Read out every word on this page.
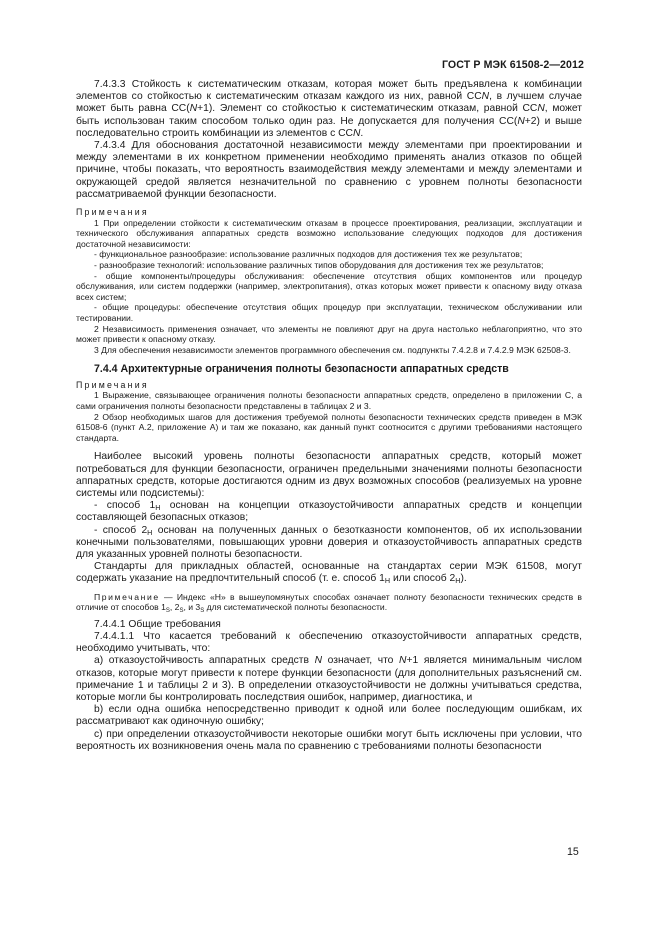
ГОСТ Р МЭК 61508-2—2012

7.4.3.3 Стойкость к систематическим отказам, которая может быть предъявлена к комбинации элементов со стойкостью к систематическим отказам каждого из них, равной ССN, в лучшем случае может быть равна СС(N+1). Элемент со стойкостью к систематическим отказам, равной ССN, может быть использован таким способом только один раз. Не допускается для получения СС(N+2) и выше последовательно строить комбинации из элементов с ССN.

7.4.3.4 Для обоснования достаточной независимости между элементами при проектировании и между элементами в их конкретном применении необходимо применять анализ отказов по общей причине, чтобы показать, что вероятность взаимодействия между элементами и между элементами и окружающей средой является незначительной по сравнению с уровнем полноты безопасности рассматриваемой функции безопасности.

Примечания

1 При определении стойкости к систематическим отказам в процессе проектирования, реализации, эксплуатации и технического обслуживания аппаратных средств возможно использование следующих подходов для достижения достаточной независимости:

- функциональное разнообразие: использование различных подходов для достижения тех же результатов;

- разнообразие технологий: использование различных типов оборудования для достижения тех же результатов;

- общие компоненты/процедуры обслуживания: обеспечение отсутствия общих компонентов или процедур обслуживания, или систем поддержки (например, электропитания), отказ которых может привести к опасному виду отказа всех систем;

- общие процедуры: обеспечение отсутствия общих процедур при эксплуатации, техническом обслуживании или тестировании.

2 Независимость применения означает, что элементы не повлияют друг на друга настолько неблагоприятно, что это может привести к опасному отказу.

3 Для обеспечения независимости элементов программного обеспечения см. подпункты 7.4.2.8 и 7.4.2.9 МЭК 62508-3.

7.4.4 Архитектурные ограничения полноты безопасности аппаратных средств

Примечания

1 Выражение, связывающее ограничения полноты безопасности аппаратных средств, определено в приложении С, а сами ограничения полноты безопасности представлены в таблицах 2 и 3.

2 Обзор необходимых шагов для достижения требуемой полноты безопасности технических средств приведен в МЭК 61508-6 (пункт А.2, приложение А) и там же показано, как данный пункт соотносится с другими требованиями настоящего стандарта.

Наиболее высокий уровень полноты безопасности аппаратных средств, который может потребоваться для функции безопасности, ограничен предельными значениями полноты безопасности аппаратных средств, которые достигаются одним из двух возможных способов (реализуемых на уровне системы или подсистемы):

- способ $1_H$ основан на концепции отказоустойчивости аппаратных средств и концепции составляющей безопасных отказов;

- способ $2_H$ основан на полученных данных о безотказности компонентов, об их использовании конечными пользователями, повышающих уровни доверия и отказоустойчивость аппаратных средств для указанных уровней полноты безопасности.

Стандарты для прикладных областей, основанные на стандартах серии МЭК 61508, могут содержать указание на предпочтительный способ (т. е. способ $1_H$ или способ $2_H$).

Примечание — Индекс «Н» в вышеупомянутых способах означает полноту безопасности технических средств в отличие от способов $1_S$, $2_S$, и $3_S$ для систематической полноты безопасности.

7.4.4.1 Общие требования

7.4.4.1.1 Что касается требований к обеспечению отказоустойчивости аппаратных средств, необходимо учитывать, что:

a) отказоустойчивость аппаратных средств N означает, что N+1 является минимальным числом отказов, которые могут привести к потере функции безопасности (для дополнительных разъяснений см. примечание 1 и таблицы 2 и 3). В определении отказоустойчивости не должны учитываться средства, которые могли бы контролировать последствия ошибок, например, диагностика, и

b) если одна ошибка непосредственно приводит к одной или более последующим ошибкам, их рассматривают как одиночную ошибку;

c) при определении отказоустойчивости некоторые ошибки могут быть исключены при условии, что вероятность их возникновения очень мала по сравнению с требованиями полноты безопасности

15
